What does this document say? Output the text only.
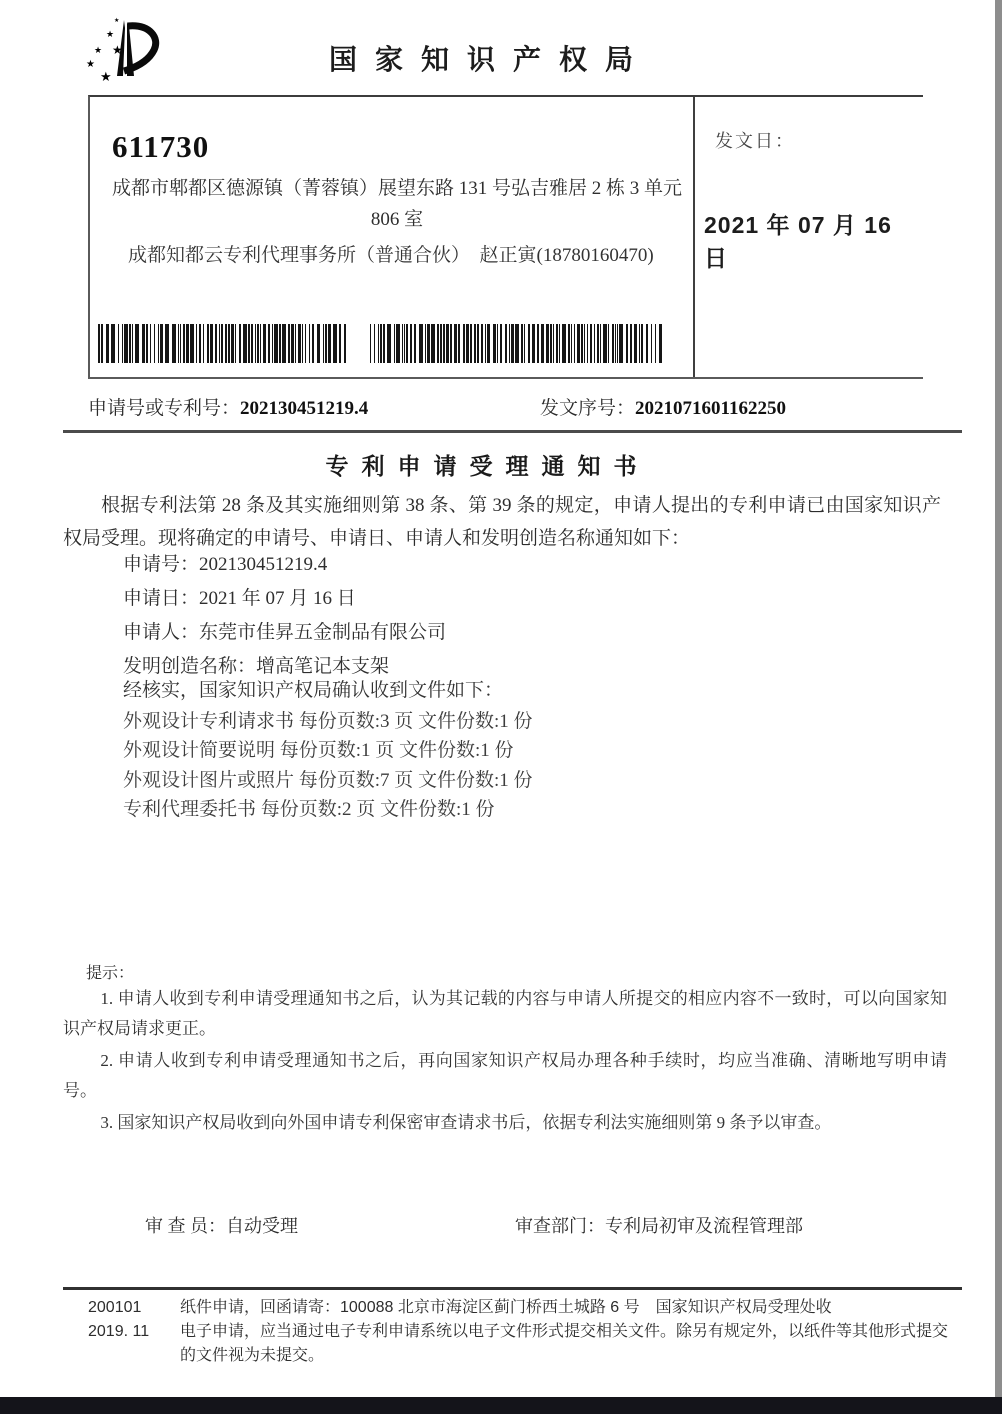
★
★
★
★
★
★
国家知识产权局
611730
成都市郫都区德源镇（菁蓉镇）展望东路 131 号弘吉雅居 2 栋 3 单元
806 室
成都知都云专利代理事务所（普通合伙）　赵正寅(18780160470)
发文日：
2021 年 07 月 16 日
申请号或专利号：202130451219.4	发文序号：2021071601162250
专利申请受理通知书
根据专利法第 28 条及其实施细则第 38 条、第 39 条的规定，申请人提出的专利申请已由国家知识产权局受理。现将确定的申请号、申请日、申请人和发明创造名称通知如下：
申请号：202130451219.4
申请日：2021 年 07 月 16 日
申请人：东莞市佳昇五金制品有限公司
发明创造名称：增高笔记本支架
经核实，国家知识产权局确认收到文件如下：
外观设计专利请求书 每份页数:3 页 文件份数:1 份
外观设计简要说明 每份页数:1 页 文件份数:1 份
外观设计图片或照片 每份页数:7 页 文件份数:1 份
专利代理委托书 每份页数:2 页 文件份数:1 份
提示：

1. 申请人收到专利申请受理通知书之后，认为其记载的内容与申请人所提交的相应内容不一致时，可以向国家知识产权局请求更正。

2. 申请人收到专利申请受理通知书之后，再向国家知识产权局办理各种手续时，均应当准确、清晰地写明申请号。

3. 国家知识产权局收到向外国申请专利保密审查请求书后，依据专利法实施细则第 9 条予以审查。

审 查 员：自动受理	审查部门：专利局初审及流程管理部
200101	纸件申请，回函请寄：100088 北京市海淀区蓟门桥西土城路 6 号　国家知识产权局受理处收
2019. 11	电子申请，应当通过电子专利申请系统以电子文件形式提交相关文件。除另有规定外，以纸件等其他形式提交的文件视为未提交。
